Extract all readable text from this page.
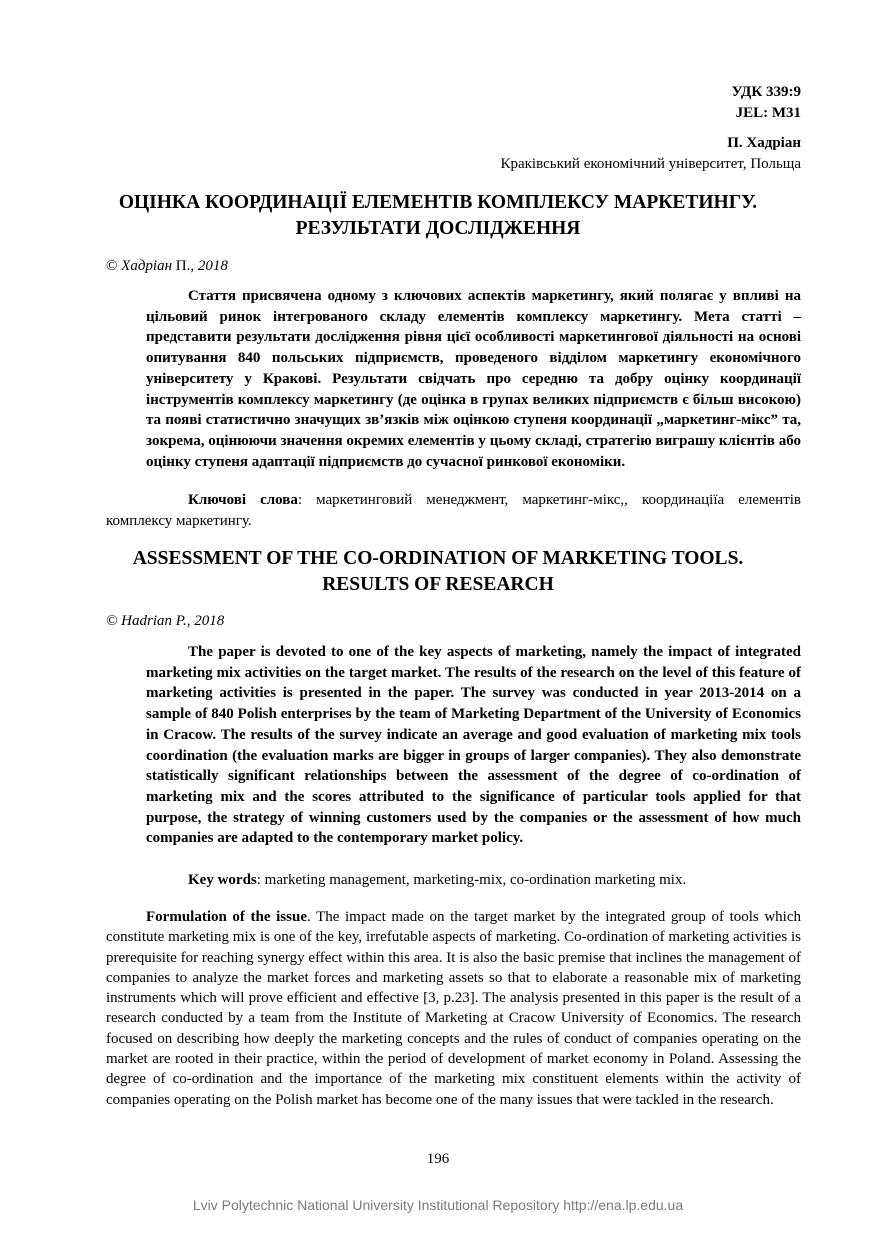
УДК 339:9
JEL: M31
П. Хадріан
Краківський економічний університет, Польща
ОЦІНКА КООРДИНАЦІЇ ЕЛЕМЕНТІВ КОМПЛЕКСУ МАРКЕТИНГУ.
РЕЗУЛЬТАТИ ДОСЛІДЖЕННЯ
© Хадріан П., 2018

Стаття присвячена одному з ключових аспектів маркетингу, який полягає у впливі на цільовий ринок інтегрованого складу елементів комплексу маркетингу. Мета статті – представити результати дослідження рівня цієї особливості маркетингової діяльності на основі опитування 840 польських підприємств, проведеного відділом маркетингу економічного університету у Кракові. Результати свідчать про середню та добру оцінку координації інструментів комплексу маркетингу (де оцінка в групах великих підприємств є більш високою) та появі статистично значущих зв’язків між оцінкою ступеня координації „маркетинг-мікс” та, зокрема, оцінюючи значення окремих елементів у цьому складі, стратегію виграшу клієнтів або оцінку ступеня адаптації підприємств до сучасної ринкової економіки.

Ключові слова: маркетинговий менеджмент, маркетинг-мікс,, координаціїа елементів комплексу маркетингу.

ASSESSMENT OF THE CO-ORDINATION OF MARKETING TOOLS.
RESULTS OF RESEARCH
© Hadrian P., 2018

The paper is devoted to one of the key aspects of marketing, namely the impact of integrated marketing mix activities on the target market. The results of the research on the level of this feature of marketing activities is presented in the paper. The survey was conducted in year 2013-2014 on a sample of 840 Polish enterprises by the team of Marketing Department of the University of Economics in Cracow. The results of the survey indicate an average and good evaluation of marketing mix tools coordination (the evaluation marks are bigger in groups of larger companies). They also demonstrate statistically significant relationships between the assessment of the degree of co-ordination of marketing mix and the scores attributed to the significance of particular tools applied for that purpose, the strategy of winning customers used by the companies or the assessment of how much companies are adapted to the contemporary market policy.

Key words: marketing management, marketing-mix, co-ordination marketing mix.

Formulation of the issue. The impact made on the target market by the integrated group of tools which constitute marketing mix is one of the key, irrefutable aspects of marketing. Co-ordination of marketing activities is prerequisite for reaching synergy effect within this area. It is also the basic premise that inclines the management of companies to analyze the market forces and marketing assets so that to elaborate a reasonable mix of marketing instruments which will prove efficient and effective [3, p.23]. The analysis presented in this paper is the result of a research conducted by a team from the Institute of Marketing at Cracow University of Economics. The research focused on describing how deeply the marketing concepts and the rules of conduct of companies operating on the market are rooted in their practice, within the period of development of market economy in Poland. Assessing the degree of co-ordination and the importance of the marketing mix constituent elements within the activity of companies operating on the Polish market has become one of the many issues that were tackled in the research.

196
Lviv Polytechnic National University Institutional Repository http://ena.lp.edu.ua
